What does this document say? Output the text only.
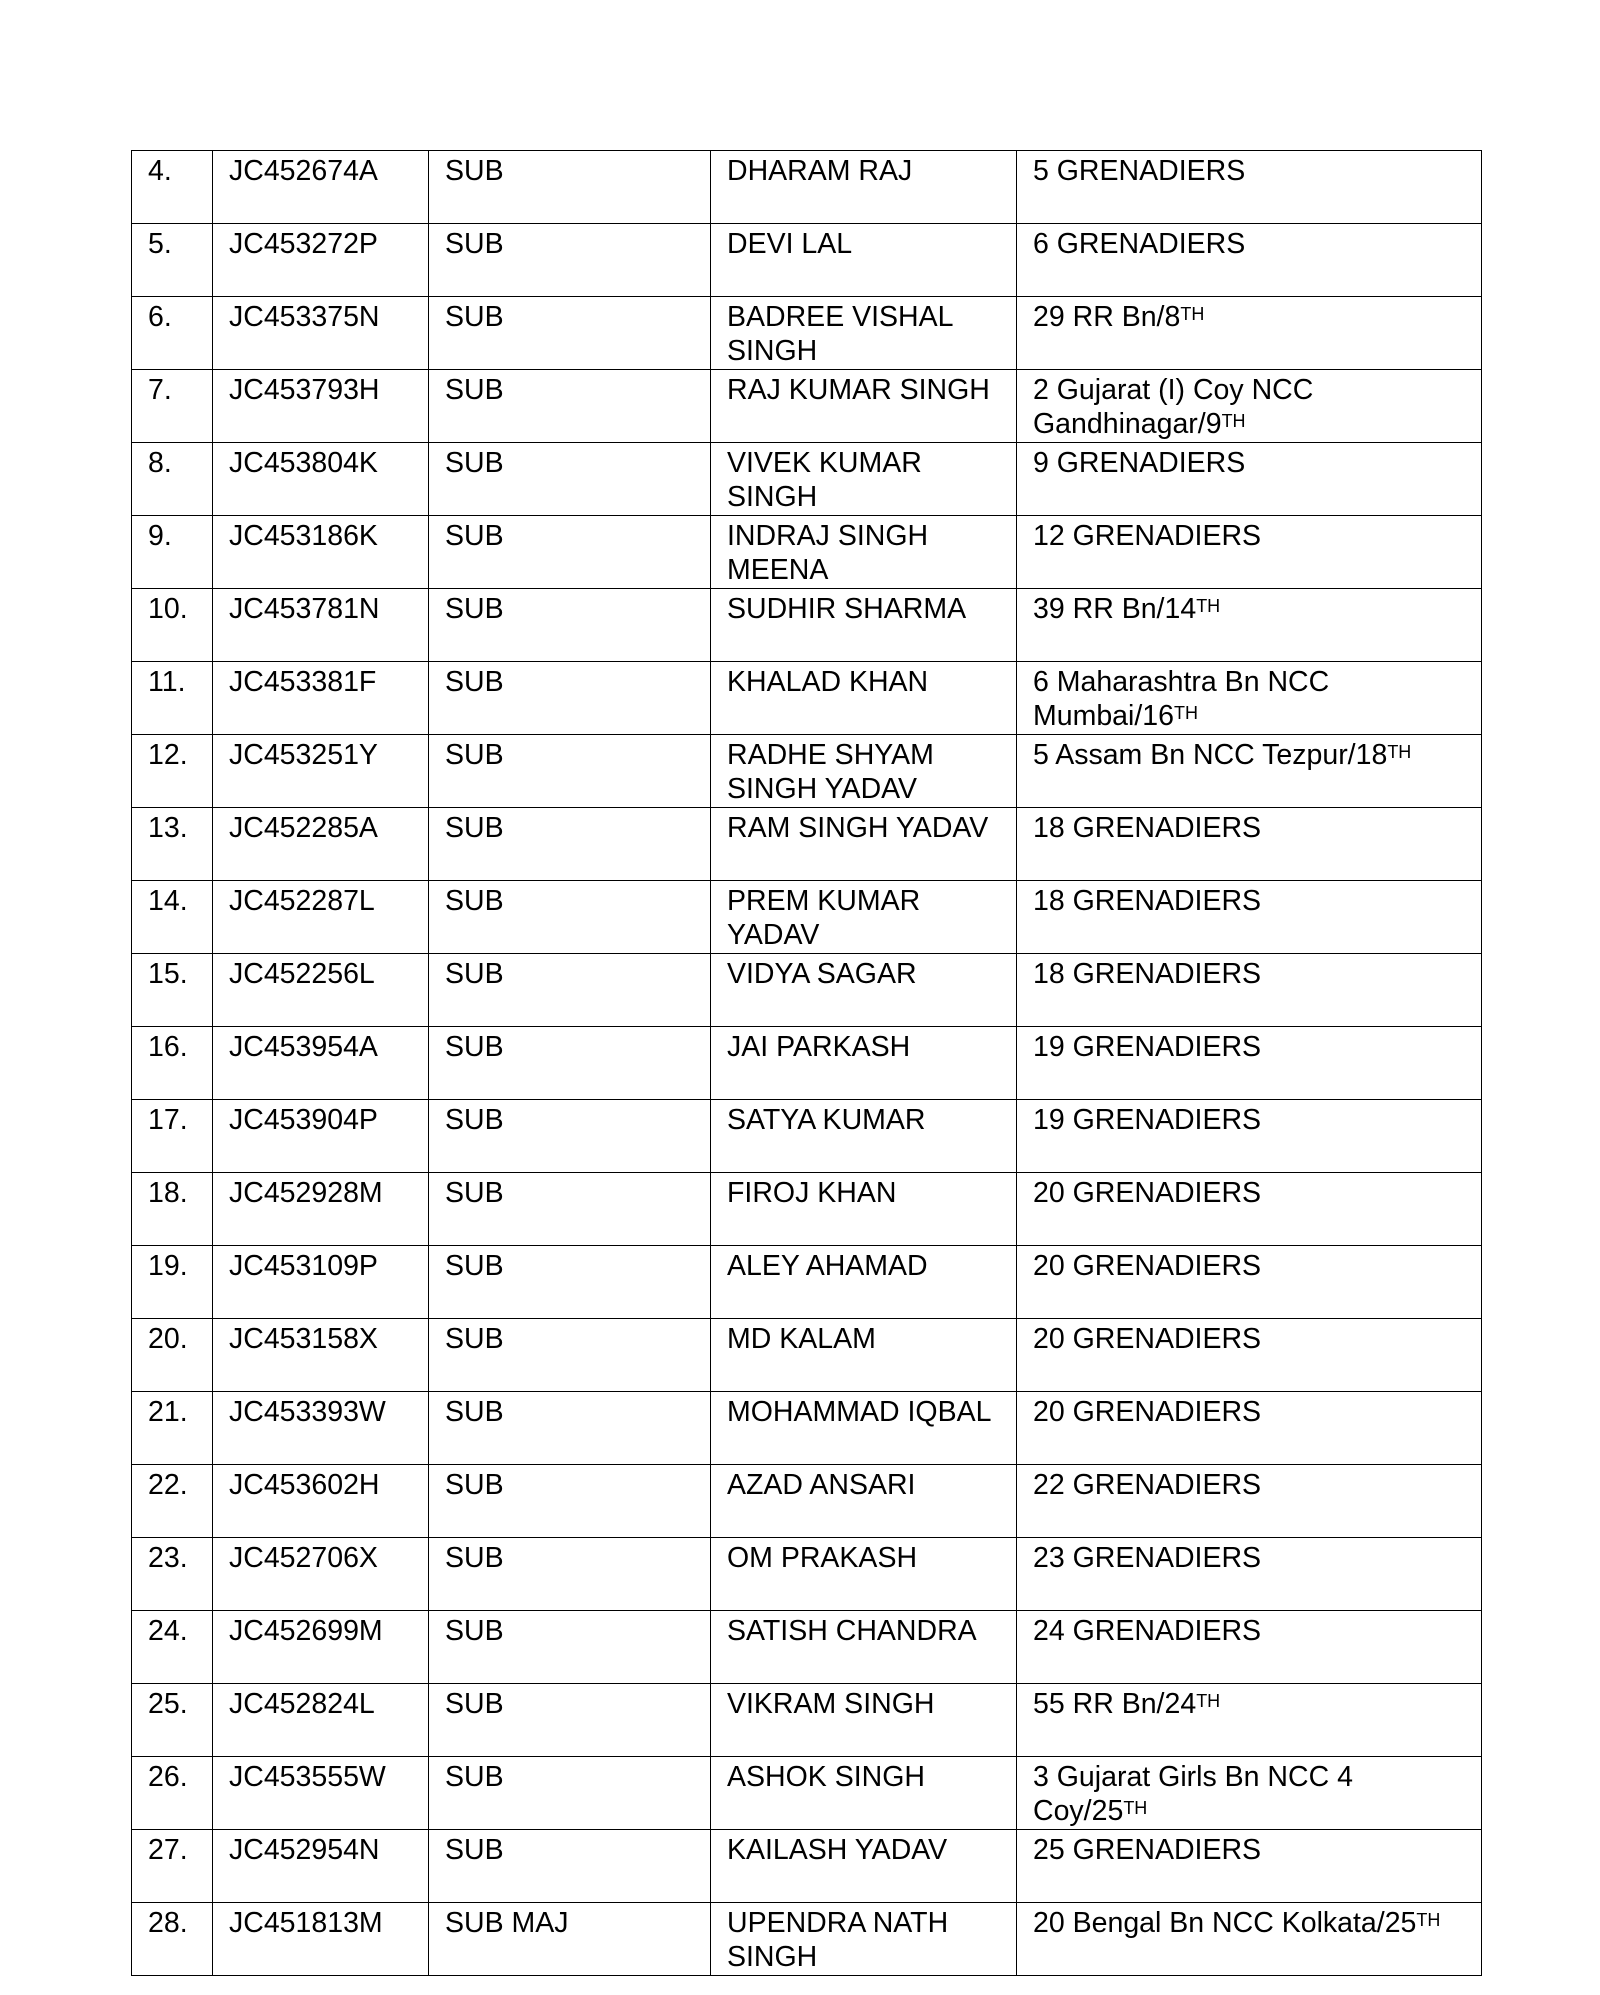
4.	JC452674A	SUB	DHARAM RAJ	5 GRENADIERS
5.	JC453272P	SUB	DEVI LAL	6 GRENADIERS
6.	JC453375N	SUB	BADREE VISHAL SINGH	29 RR Bn/8TH
7.	JC453793H	SUB	RAJ KUMAR SINGH	2 Gujarat (I) Coy NCC Gandhinagar/9TH
8.	JC453804K	SUB	VIVEK KUMAR SINGH	9 GRENADIERS
9.	JC453186K	SUB	INDRAJ SINGH MEENA	12 GRENADIERS
10.	JC453781N	SUB	SUDHIR SHARMA	39 RR Bn/14TH
11.	JC453381F	SUB	KHALAD KHAN	6 Maharashtra Bn NCC Mumbai/16TH
12.	JC453251Y	SUB	RADHE SHYAM SINGH YADAV	5 Assam Bn NCC Tezpur/18TH
13.	JC452285A	SUB	RAM SINGH YADAV	18 GRENADIERS
14.	JC452287L	SUB	PREM KUMAR YADAV	18 GRENADIERS
15.	JC452256L	SUB	VIDYA SAGAR	18 GRENADIERS
16.	JC453954A	SUB	JAI PARKASH	19 GRENADIERS
17.	JC453904P	SUB	SATYA KUMAR	19 GRENADIERS
18.	JC452928M	SUB	FIROJ KHAN	20 GRENADIERS
19.	JC453109P	SUB	ALEY AHAMAD	20 GRENADIERS
20.	JC453158X	SUB	MD KALAM	20 GRENADIERS
21.	JC453393W	SUB	MOHAMMAD IQBAL	20 GRENADIERS
22.	JC453602H	SUB	AZAD ANSARI	22 GRENADIERS
23.	JC452706X	SUB	OM PRAKASH	23 GRENADIERS
24.	JC452699M	SUB	SATISH CHANDRA	24 GRENADIERS
25.	JC452824L	SUB	VIKRAM SINGH	55 RR Bn/24TH
26.	JC453555W	SUB	ASHOK SINGH	3 Gujarat Girls Bn NCC 4 Coy/25TH
27.	JC452954N	SUB	KAILASH YADAV	25 GRENADIERS
28.	JC451813M	SUB MAJ	UPENDRA NATH SINGH	20 Bengal Bn NCC Kolkata/25TH
